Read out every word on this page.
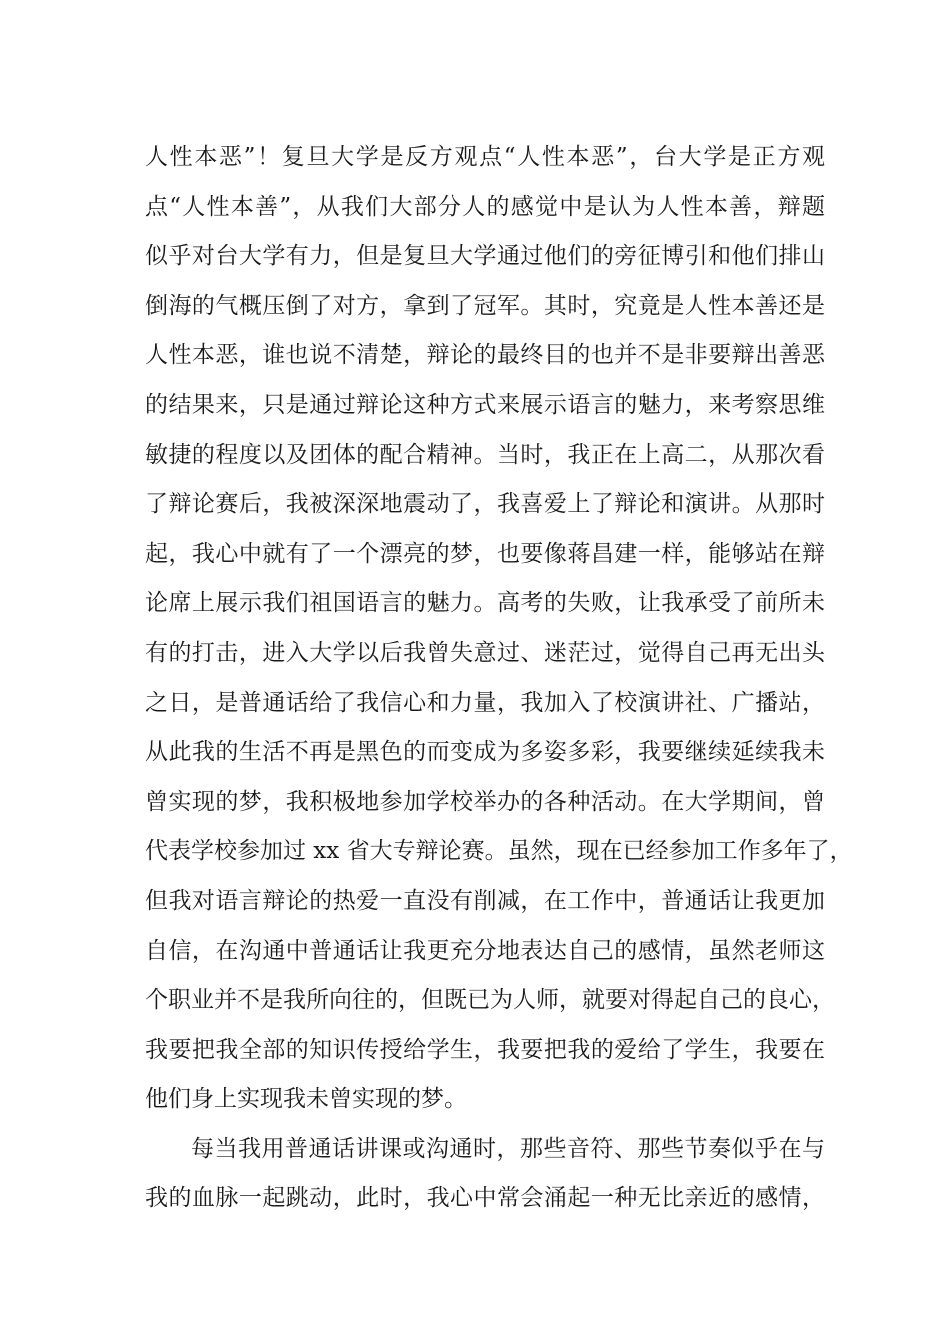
人性本恶”！复旦大学是反方观点“人性本恶”，台大学是正方观
点“人性本善”，从我们大部分人的感觉中是认为人性本善，辩题
似乎对台大学有力，但是复旦大学通过他们的旁征博引和他们排山
倒海的气概压倒了对方，拿到了冠军。其时，究竟是人性本善还是
人性本恶，谁也说不清楚，辩论的最终目的也并不是非要辩出善恶
的结果来，只是通过辩论这种方式来展示语言的魅力，来考察思维
敏捷的程度以及团体的配合精神。当时，我正在上高二，从那次看
了辩论赛后，我被深深地震动了，我喜爱上了辩论和演讲。从那时
起，我心中就有了一个漂亮的梦，也要像蒋昌建一样，能够站在辩
论席上展示我们祖国语言的魅力。高考的失败，让我承受了前所未
有的打击，进入大学以后我曾失意过、迷茫过，觉得自己再无出头
之日，是普通话给了我信心和力量，我加入了校演讲社、广播站，
从此我的生活不再是黑色的而变成为多姿多彩，我要继续延续我未
曾实现的梦，我积极地参加学校举办的各种活动。在大学期间，曾
代表学校参加过 xx 省大专辩论赛。虽然，现在已经参加工作多年了，
但我对语言辩论的热爱一直没有削减，在工作中，普通话让我更加
自信，在沟通中普通话让我更充分地表达自己的感情，虽然老师这
个职业并不是我所向往的，但既已为人师，就要对得起自己的良心，
我要把我全部的知识传授给学生，我要把我的爱给了学生，我要在
他们身上实现我未曾实现的梦。
每当我用普通话讲课或沟通时，那些音符、那些节奏似乎在与
我的血脉一起跳动，此时，我心中常会涌起一种无比亲近的感情，
